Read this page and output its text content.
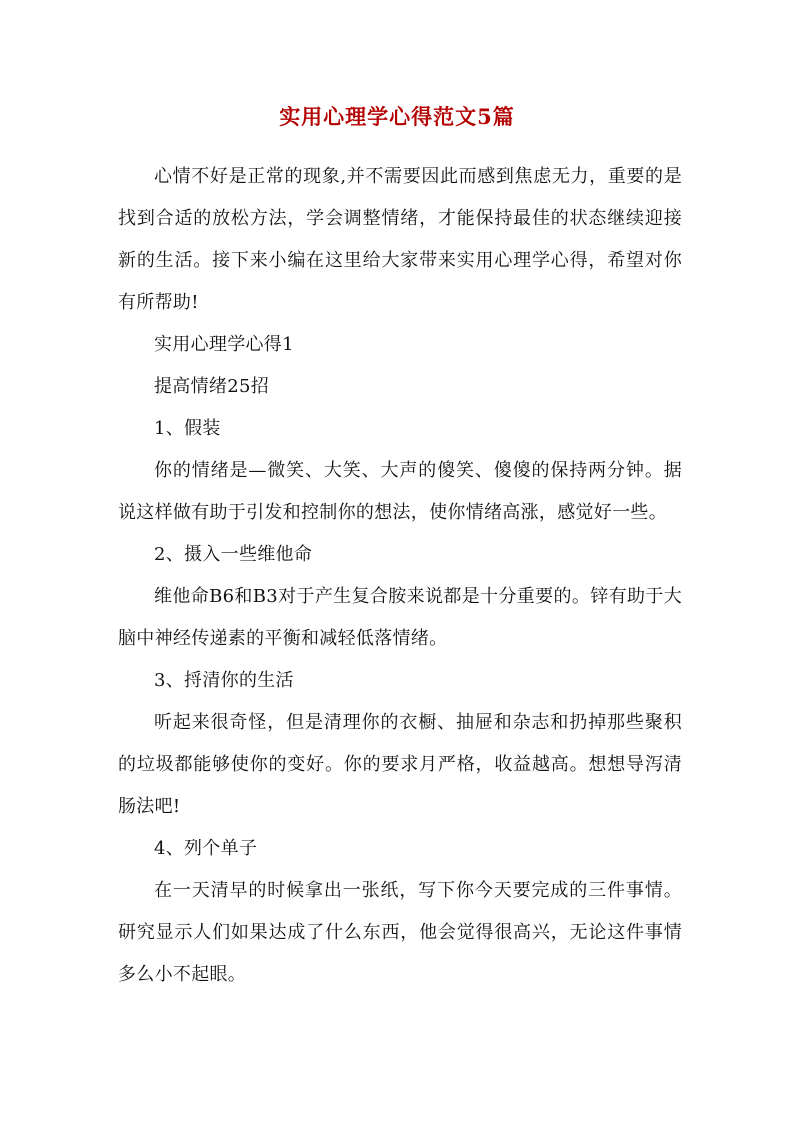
实用心理学心得范文5篇

心情不好是正常的现象,并不需要因此而感到焦虑无力，重要的是找到合适的放松方法，学会调整情绪，才能保持最佳的状态继续迎接新的生活。接下来小编在这里给大家带来实用心理学心得，希望对你有所帮助!

实用心理学心得1

提高情绪25招

1、假装

你的情绪是—微笑、大笑、大声的傻笑、傻傻的保持两分钟。据说这样做有助于引发和控制你的想法，使你情绪高涨，感觉好一些。

2、摄入一些维他命

维他命B6和B3对于产生复合胺来说都是十分重要的。锌有助于大脑中神经传递素的平衡和减轻低落情绪。

3、捋清你的生活

听起来很奇怪，但是清理你的衣橱、抽屉和杂志和扔掉那些聚积的垃圾都能够使你的变好。你的要求月严格，收益越高。想想导泻清肠法吧!

4、列个单子

在一天清早的时候拿出一张纸，写下你今天要完成的三件事情。研究显示人们如果达成了什么东西，他会觉得很高兴，无论这件事情多么小不起眼。
